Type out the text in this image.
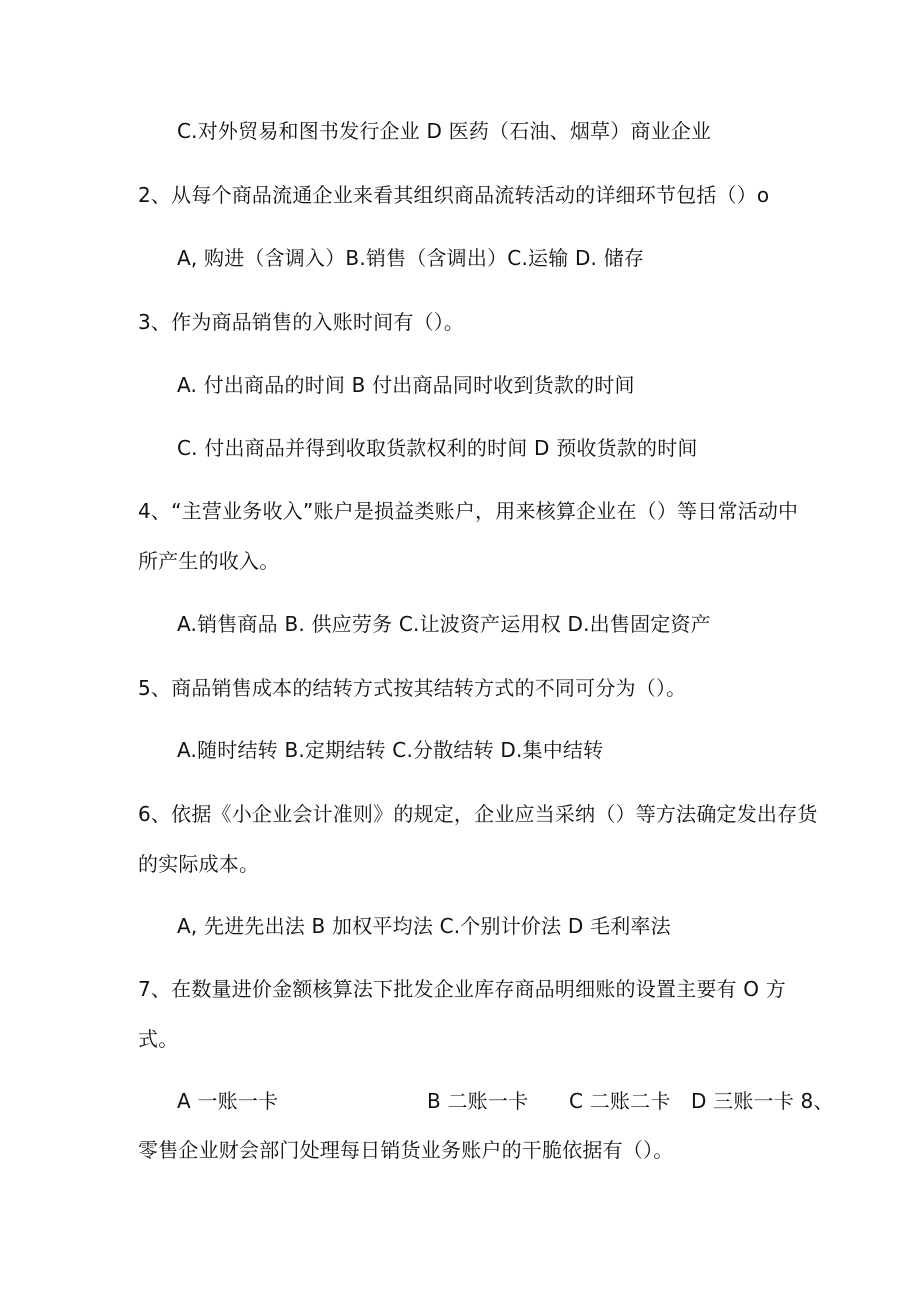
C.对外贸易和图书发行企业 D 医药（石油、烟草）商业企业
2、从每个商品流通企业来看其组织商品流转活动的详细环节包括（）o
A, 购进（含调入）B.销售（含调出）C.运输 D. 储存
3、作为商品销售的入账时间有（）。
A. 付出商品的时间 B 付出商品同时收到货款的时间
C. 付出商品并得到收取货款权利的时间 D 预收货款的时间
4、“主营业务收入”账户是损益类账户，用来核算企业在（）等日常活动中
所产生的收入。
A.销售商品 B. 供应劳务 C.让波资产运用权 D.出售固定资产
5、商品销售成本的结转方式按其结转方式的不同可分为（）。
A.随时结转 B.定期结转 C.分散结转 D.集中结转
6、依据《小企业会计准则》的规定，企业应当采纳（）等方法确定发出存货
的实际成本。
A, 先进先出法 B 加权平均法 C.个别计价法 D 毛利率法
7、在数量进价金额核算法下批发企业库存商品明细账的设置主要有 O 方
式。

A 一账一卡

	B 二账一卡

C 二账二卡

D 三账一卡 8、

零售企业财会部门处理每日销货业务账户的干脆依据有（）。
